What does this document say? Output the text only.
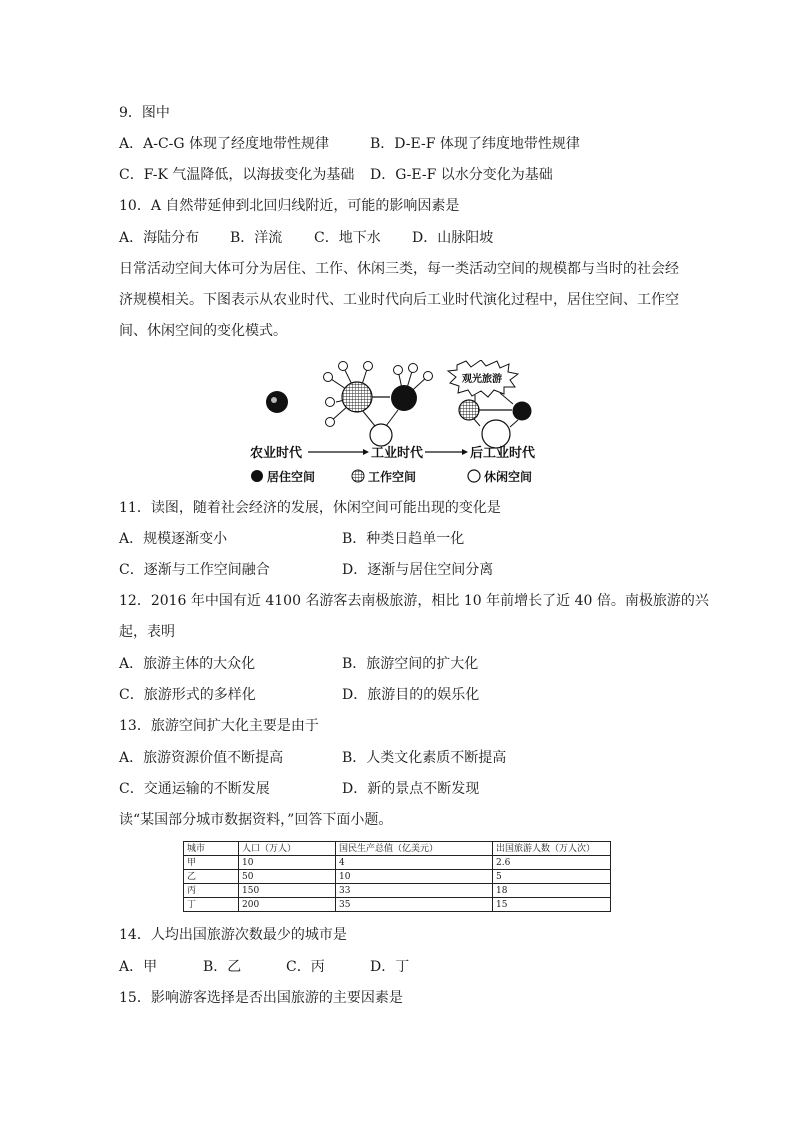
9．图中
A．A-C-G 体现了经度地带性规律	B．D-E-F 体现了纬度地带性规律
C．F-K 气温降低，以海拔变化为基础 D．G-E-F 以水分变化为基础
10．A 自然带延伸到北回归线附近，可能的影响因素是
A．海陆分布 B．洋流 C．地下水 D．山脉阳坡
日常活动空间大体可分为居住、工作、休闲三类，每一类活动空间的规模都与当时的社会经济规模相关。下图表示从农业时代、工业时代向后工业时代演化过程中，居住空间、工作空间、休闲空间的变化模式。
观光旅游
农业时代	工业时代	后工业时代
居住空间	工作空间	休闲空间
11．读图，随着社会经济的发展，休闲空间可能出现的变化是
A．规模逐渐变小	B．种类日趋单一化
C．逐渐与工作空间融合	D．逐渐与居住空间分离
12．2016 年中国有近 4100 名游客去南极旅游，相比 10 年前增长了近 40 倍。南极旅游的兴
起，表明
A．旅游主体的大众化	B．旅游空间的扩大化
C．旅游形式的多样化	D．旅游目的的娱乐化
13．旅游空间扩大化主要是由于
A．旅游资源价值不断提高	B．人类文化素质不断提高
C．交通运输的不断发展	D．新的景点不断发现
读“某国部分城市数据资料，”回答下面小题。
城市	人口（万人）	国民生产总值（亿美元）	出国旅游人数（万人次）
甲	10	4	2.6
乙	50	10	5
丙	150	33	18
丁	200	35	15
14．人均出国旅游次数最少的城市是
A．甲	B．乙	C．丙	D．丁
15．影响游客选择是否出国旅游的主要因素是
